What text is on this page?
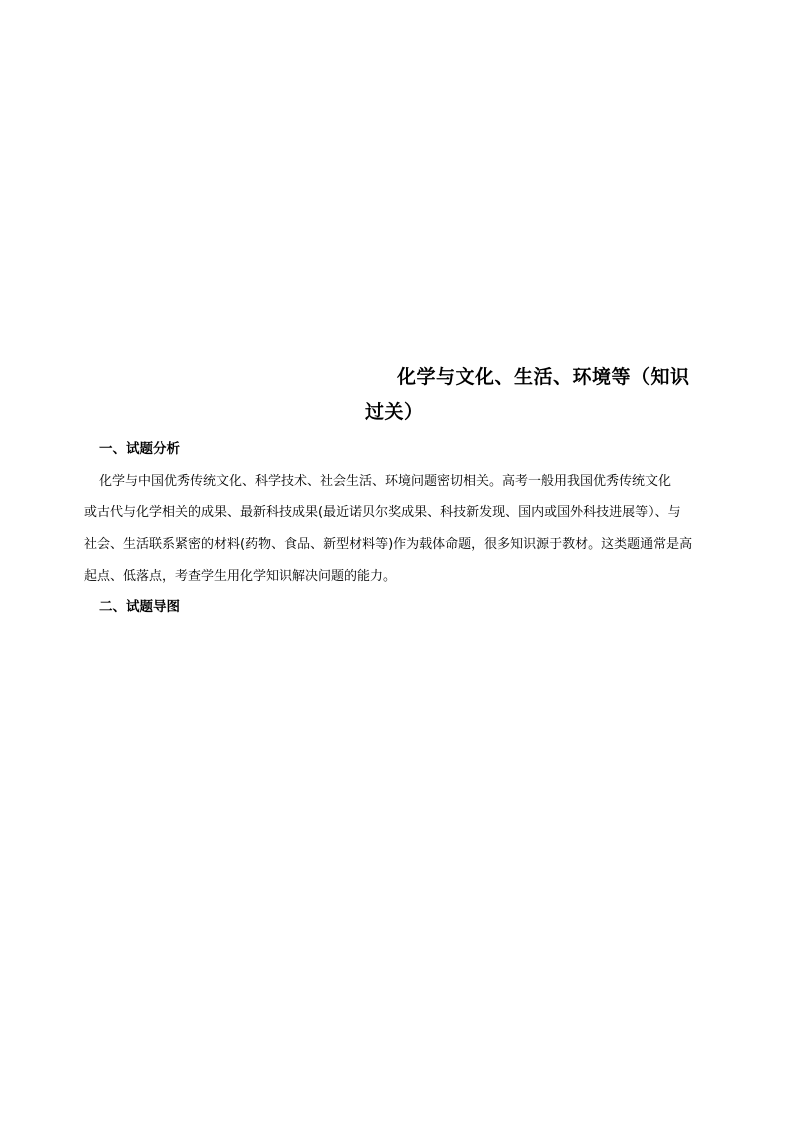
化学与文化、生活、环境等（知识
过关）
一、试题分析
化学与中国优秀传统文化、科学技术、社会生活、环境问题密切相关。高考一般用我国优秀传统文化
或古代与化学相关的成果、最新科技成果(最近诺贝尔奖成果、科技新发现、国内或国外科技进展等）、与
社会、生活联系紧密的材料(药物、食品、新型材料等)作为载体命题，很多知识源于教材。这类题通常是高
起点、低落点，考查学生用化学知识解决问题的能力。
二、试题导图
